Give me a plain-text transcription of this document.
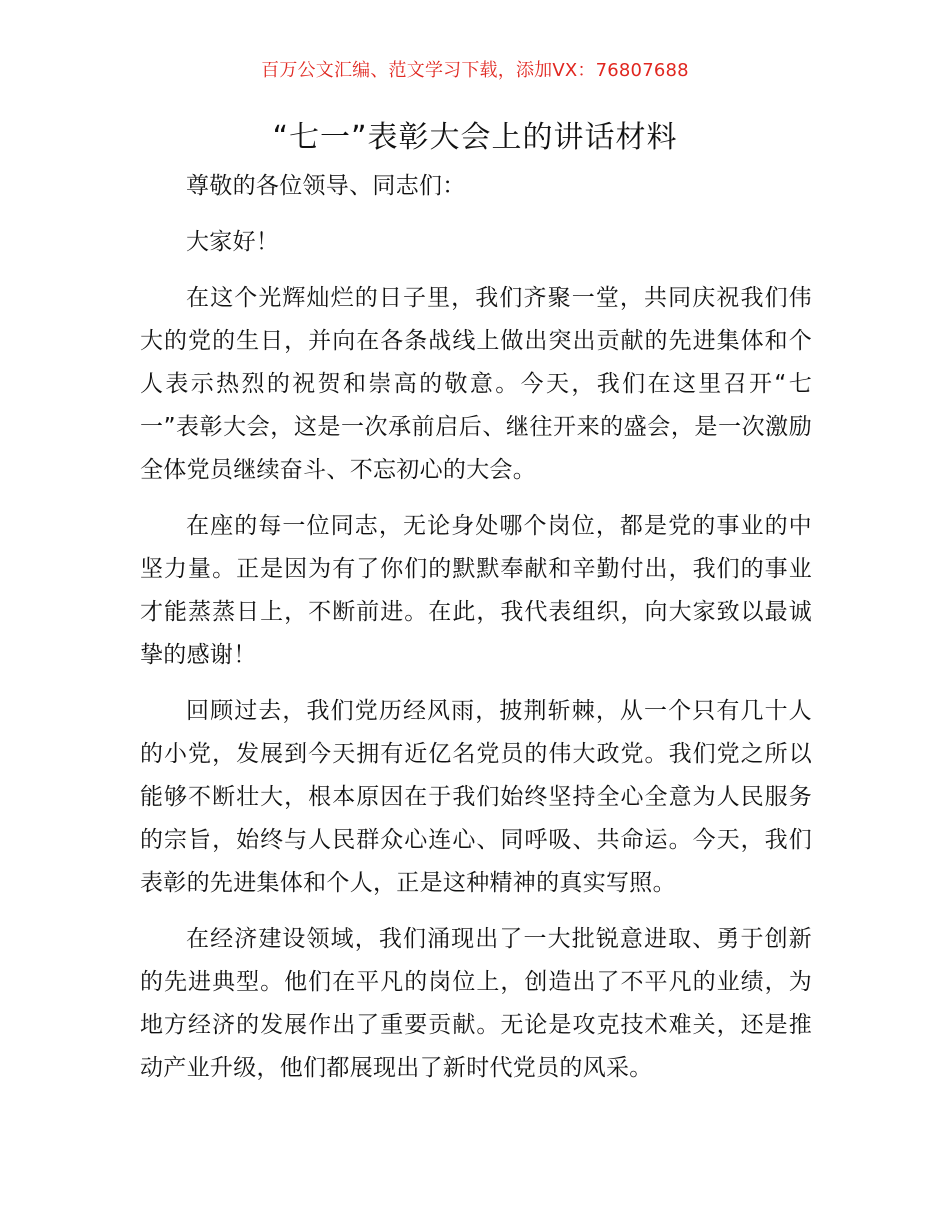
百万公文汇编、范文学习下载，添加VX：76807688
“七一”表彰大会上的讲话材料

尊敬的各位领导、同志们：

大家好！

在这个光辉灿烂的日子里，我们齐聚一堂，共同庆祝我们伟大的党的生日，并向在各条战线上做出突出贡献的先进集体和个人表示热烈的祝贺和崇高的敬意。今天，我们在这里召开“七一”表彰大会，这是一次承前启后、继往开来的盛会，是一次激励全体党员继续奋斗、不忘初心的大会。

在座的每一位同志，无论身处哪个岗位，都是党的事业的中坚力量。正是因为有了你们的默默奉献和辛勤付出，我们的事业才能蒸蒸日上，不断前进。在此，我代表组织，向大家致以最诚挚的感谢！

回顾过去，我们党历经风雨，披荆斩棘，从一个只有几十人的小党，发展到今天拥有近亿名党员的伟大政党。我们党之所以能够不断壮大，根本原因在于我们始终坚持全心全意为人民服务的宗旨，始终与人民群众心连心、同呼吸、共命运。今天，我们表彰的先进集体和个人，正是这种精神的真实写照。

在经济建设领域，我们涌现出了一大批锐意进取、勇于创新的先进典型。他们在平凡的岗位上，创造出了不平凡的业绩，为地方经济的发展作出了重要贡献。无论是攻克技术难关，还是推动产业升级，他们都展现出了新时代党员的风采。
